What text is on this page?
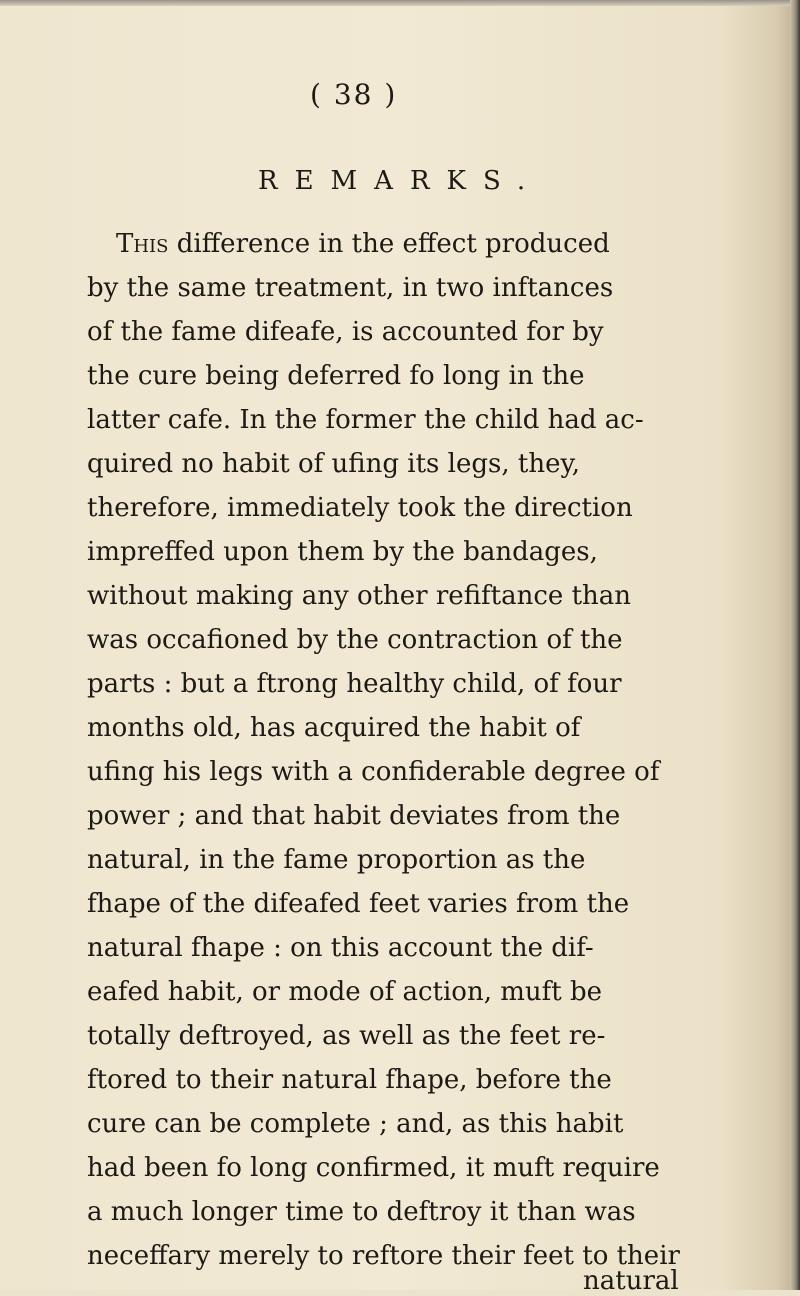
( 38 )
REMARKS.
This difference in the effect produced
by the same treatment, in two inftances
of the fame difeafe, is accounted for by
the cure being deferred fo long in the
latter cafe. In the former the child had ac-
quired no habit of ufing its legs, they,
therefore, immediately took the direction
impreffed upon them by the bandages,
without making any other refiftance than
was occafioned by the contraction of the
parts : but a ftrong healthy child, of four
months old, has acquired the habit of
ufing his legs with a confiderable degree of
power ; and that habit deviates from the
natural, in the fame proportion as the
fhape of the difeafed feet varies from the
natural fhape : on this account the dif-
eafed habit, or mode of action, muft be
totally deftroyed, as well as the feet re-
ftored to their natural fhape, before the
cure can be complete ; and, as this habit
had been fo long confirmed, it muft require
a much longer time to deftroy it than was
neceffary merely to reftore their feet to their
natural
